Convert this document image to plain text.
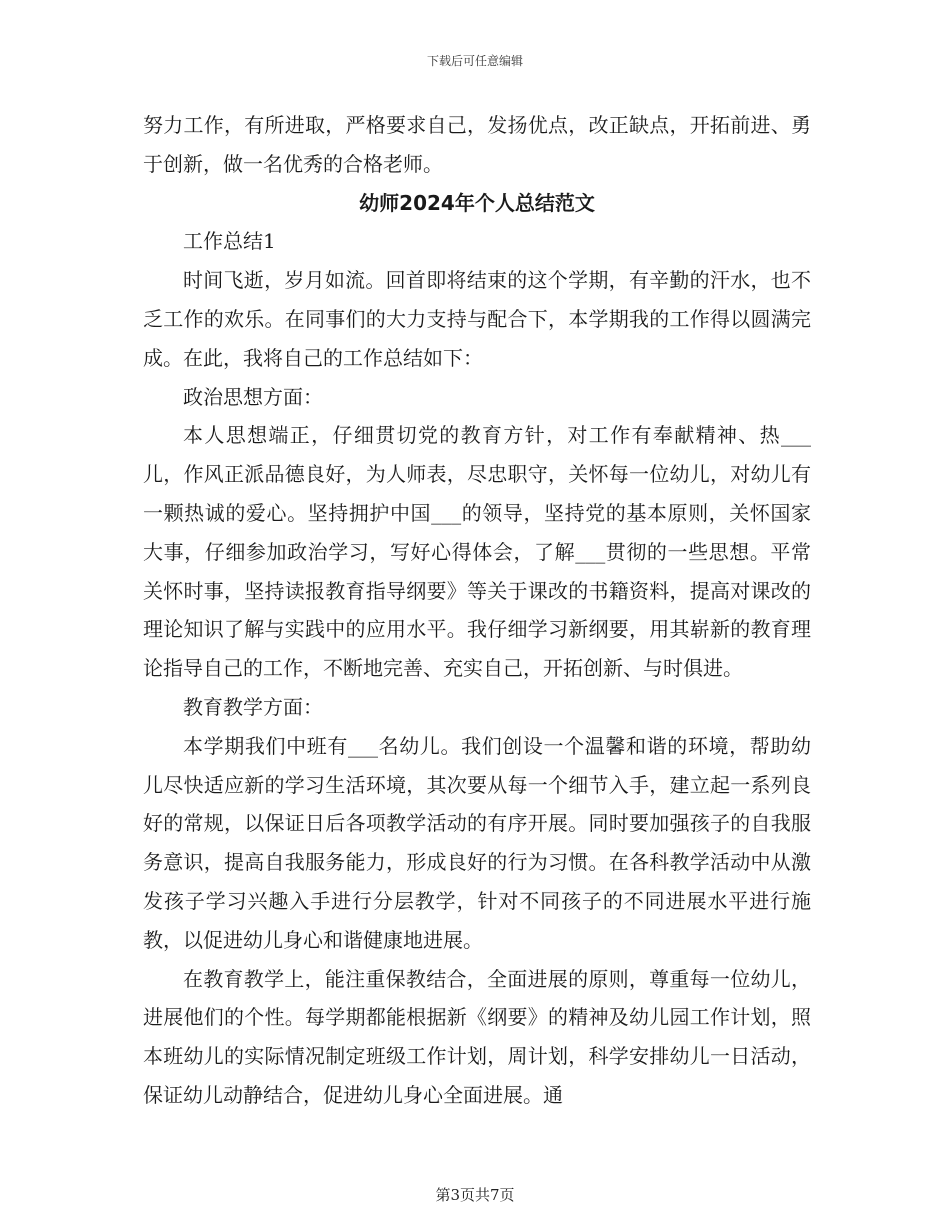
下载后可任意编辑

努力工作，有所进取，严格要求自己，发扬优点，改正缺点，开拓前进、勇于创新，做一名优秀的合格老师。

幼师2024年个人总结范文

工作总结1

时间飞逝，岁月如流。回首即将结束的这个学期，有辛勤的汗水，也不乏工作的欢乐。在同事们的大力支持与配合下，本学期我的工作得以圆满完成。在此，我将自己的工作总结如下：

政治思想方面：

本人思想端正，仔细贯切党的教育方针，对工作有奉献精神、热___儿，作风正派品德良好，为人师表，尽忠职守，关怀每一位幼儿，对幼儿有一颗热诚的爱心。坚持拥护中国___的领导，坚持党的基本原则，关怀国家大事，仔细参加政治学习，写好心得体会，了解___贯彻的一些思想。平常关怀时事，坚持读报教育指导纲要》等关于课改的书籍资料，提高对课改的理论知识了解与实践中的应用水平。我仔细学习新纲要，用其崭新的教育理论指导自己的工作，不断地完善、充实自己，开拓创新、与时俱进。

教育教学方面：

本学期我们中班有___名幼儿。我们创设一个温馨和谐的环境，帮助幼儿尽快适应新的学习生活环境，其次要从每一个细节入手，建立起一系列良好的常规，以保证日后各项教学活动的有序开展。同时要加强孩子的自我服务意识，提高自我服务能力，形成良好的行为习惯。在各科教学活动中从激发孩子学习兴趣入手进行分层教学，针对不同孩子的不同进展水平进行施教，以促进幼儿身心和谐健康地进展。

在教育教学上，能注重保教结合，全面进展的原则，尊重每一位幼儿，进展他们的个性。每学期都能根据新《纲要》的精神及幼儿园工作计划，照本班幼儿的实际情况制定班级工作计划，周计划，科学安排幼儿一日活动，保证幼儿动静结合，促进幼儿身心全面进展。通

第3页共7页
